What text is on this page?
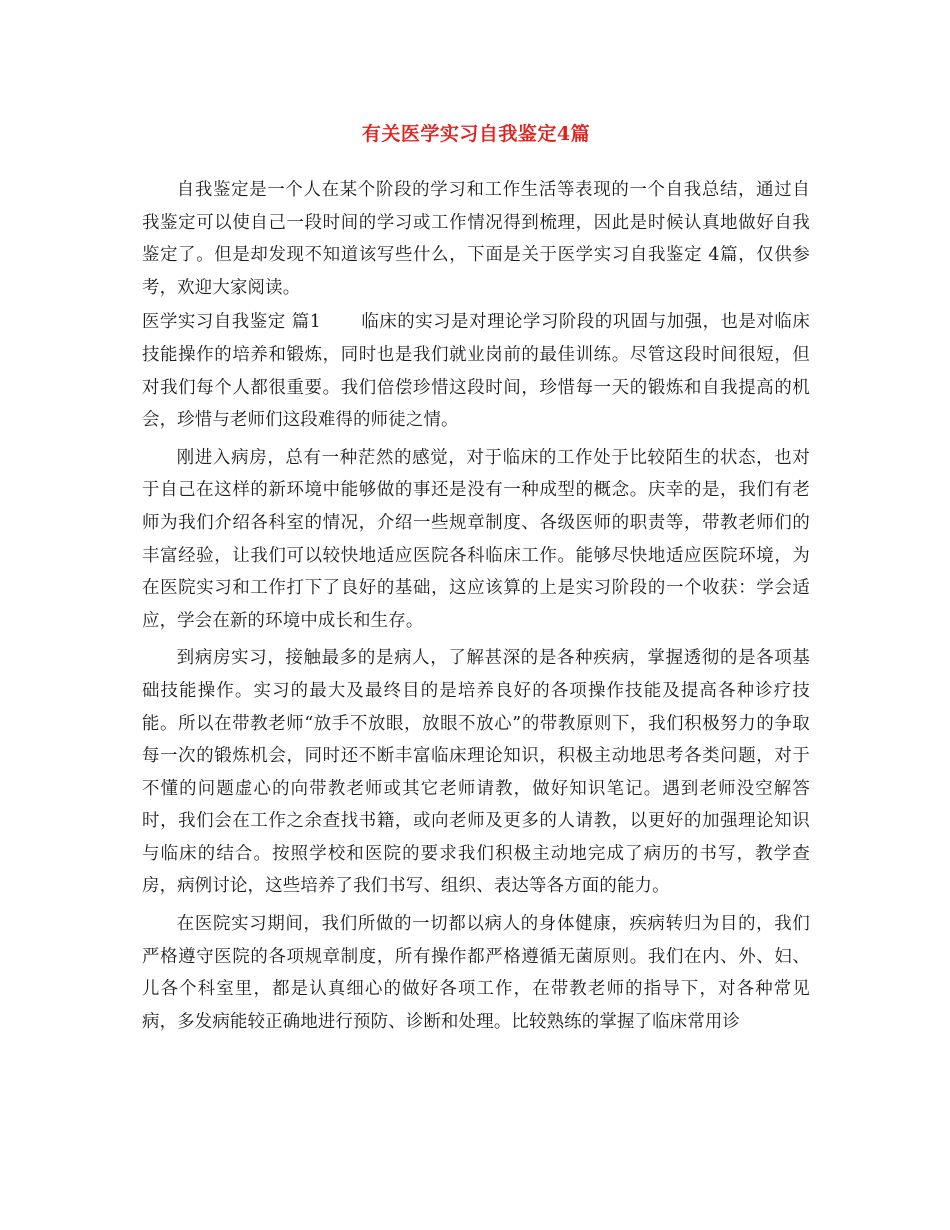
有关医学实习自我鉴定4篇

自我鉴定是一个人在某个阶段的学习和工作生活等表现的一个自我总结，通过自我鉴定可以使自己一段时间的学习或工作情况得到梳理，因此是时候认真地做好自我鉴定了。但是却发现不知道该写些什么，下面是关于医学实习自我鉴定 4篇，仅供参考，欢迎大家阅读。

医学实习自我鉴定 篇1 临床的实习是对理论学习阶段的巩固与加强，也是对临床技能操作的培养和锻炼，同时也是我们就业岗前的最佳训练。尽管这段时间很短，但对我们每个人都很重要。我们倍偿珍惜这段时间，珍惜每一天的锻炼和自我提高的机会，珍惜与老师们这段难得的师徒之情。

刚进入病房，总有一种茫然的感觉，对于临床的工作处于比较陌生的状态，也对于自己在这样的新环境中能够做的事还是没有一种成型的概念。庆幸的是，我们有老师为我们介绍各科室的情况，介绍一些规章制度、各级医师的职责等，带教老师们的丰富经验，让我们可以较快地适应医院各科临床工作。能够尽快地适应医院环境，为在医院实习和工作打下了良好的基础，这应该算的上是实习阶段的一个收获：学会适应，学会在新的环境中成长和生存。

到病房实习，接触最多的是病人，了解甚深的是各种疾病，掌握透彻的是各项基础技能操作。实习的最大及最终目的是培养良好的各项操作技能及提高各种诊疗技能。所以在带教老师“放手不放眼，放眼不放心”的带教原则下，我们积极努力的争取每一次的锻炼机会，同时还不断丰富临床理论知识，积极主动地思考各类问题，对于不懂的问题虚心的向带教老师或其它老师请教，做好知识笔记。遇到老师没空解答时，我们会在工作之余查找书籍，或向老师及更多的人请教，以更好的加强理论知识与临床的结合。按照学校和医院的要求我们积极主动地完成了病历的书写，教学查房，病例讨论，这些培养了我们书写、组织、表达等各方面的能力。

在医院实习期间，我们所做的一切都以病人的身体健康，疾病转归为目的，我们严格遵守医院的各项规章制度，所有操作都严格遵循无菌原则。我们在内、外、妇、儿各个科室里，都是认真细心的做好各项工作，在带教老师的指导下，对各种常见病，多发病能较正确地进行预防、诊断和处理。比较熟练的掌握了临床常用诊
